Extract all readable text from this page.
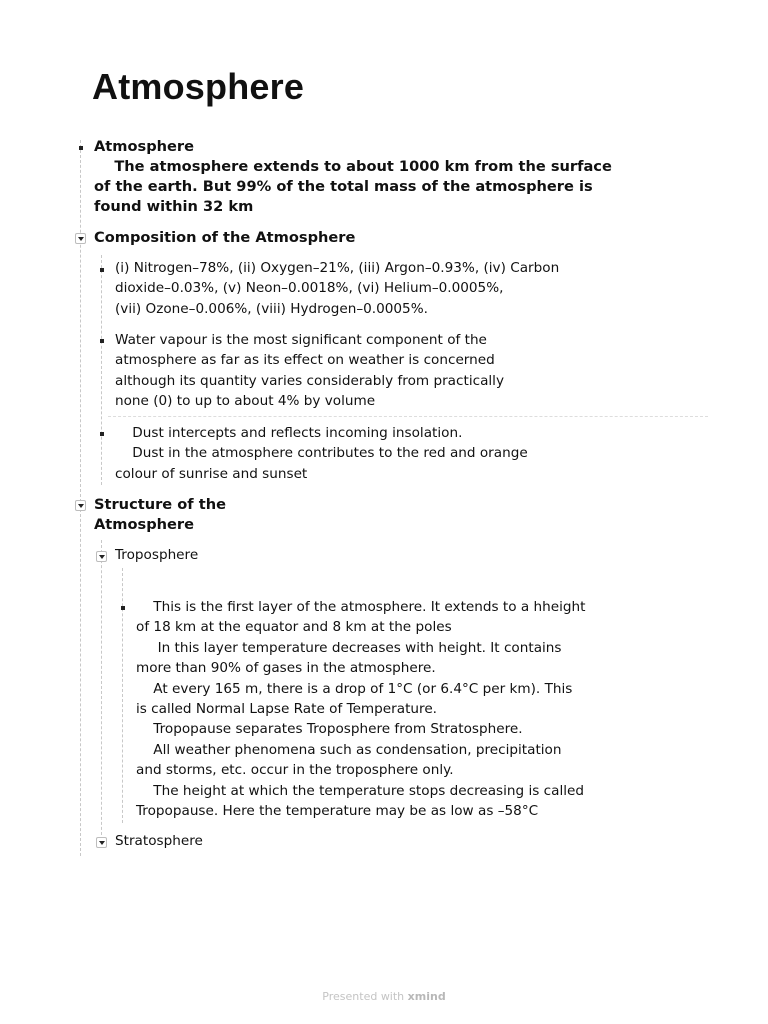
Atmosphere
Atmosphere
The atmosphere extends to about 1000 km from the surface
of the earth. But 99% of the total mass of the atmosphere is
found within 32 km
Composition of the Atmosphere
(i) Nitrogen–78%, (ii) Oxygen–21%, (iii) Argon–0.93%, (iv) Carbon
dioxide–0.03%, (v) Neon–0.0018%, (vi) Helium–0.0005%,
(vii) Ozone–0.006%, (viii) Hydrogen–0.0005%.
Water vapour is the most significant component of the
atmosphere as far as its effect on weather is concerned
although its quantity varies considerably from practically
none (0) to up to about 4% by volume
Dust intercepts and reflects incoming insolation.
Dust in the atmosphere contributes to the red and orange
colour of sunrise and sunset
Structure of the
Atmosphere
Troposphere
This is the first layer of the atmosphere. It extends to a hheight
of 18 km at the equator and 8 km at the poles
In this layer temperature decreases with height. It contains
more than 90% of gases in the atmosphere.
At every 165 m, there is a drop of 1°C (or 6.4°C per km). This
is called Normal Lapse Rate of Temperature.
Tropopause separates Troposphere from Stratosphere.
All weather phenomena such as condensation, precipitation
and storms, etc. occur in the troposphere only.
The height at which the temperature stops decreasing is called
Tropopause. Here the temperature may be as low as –58°C
Stratosphere
Presented with xmind
